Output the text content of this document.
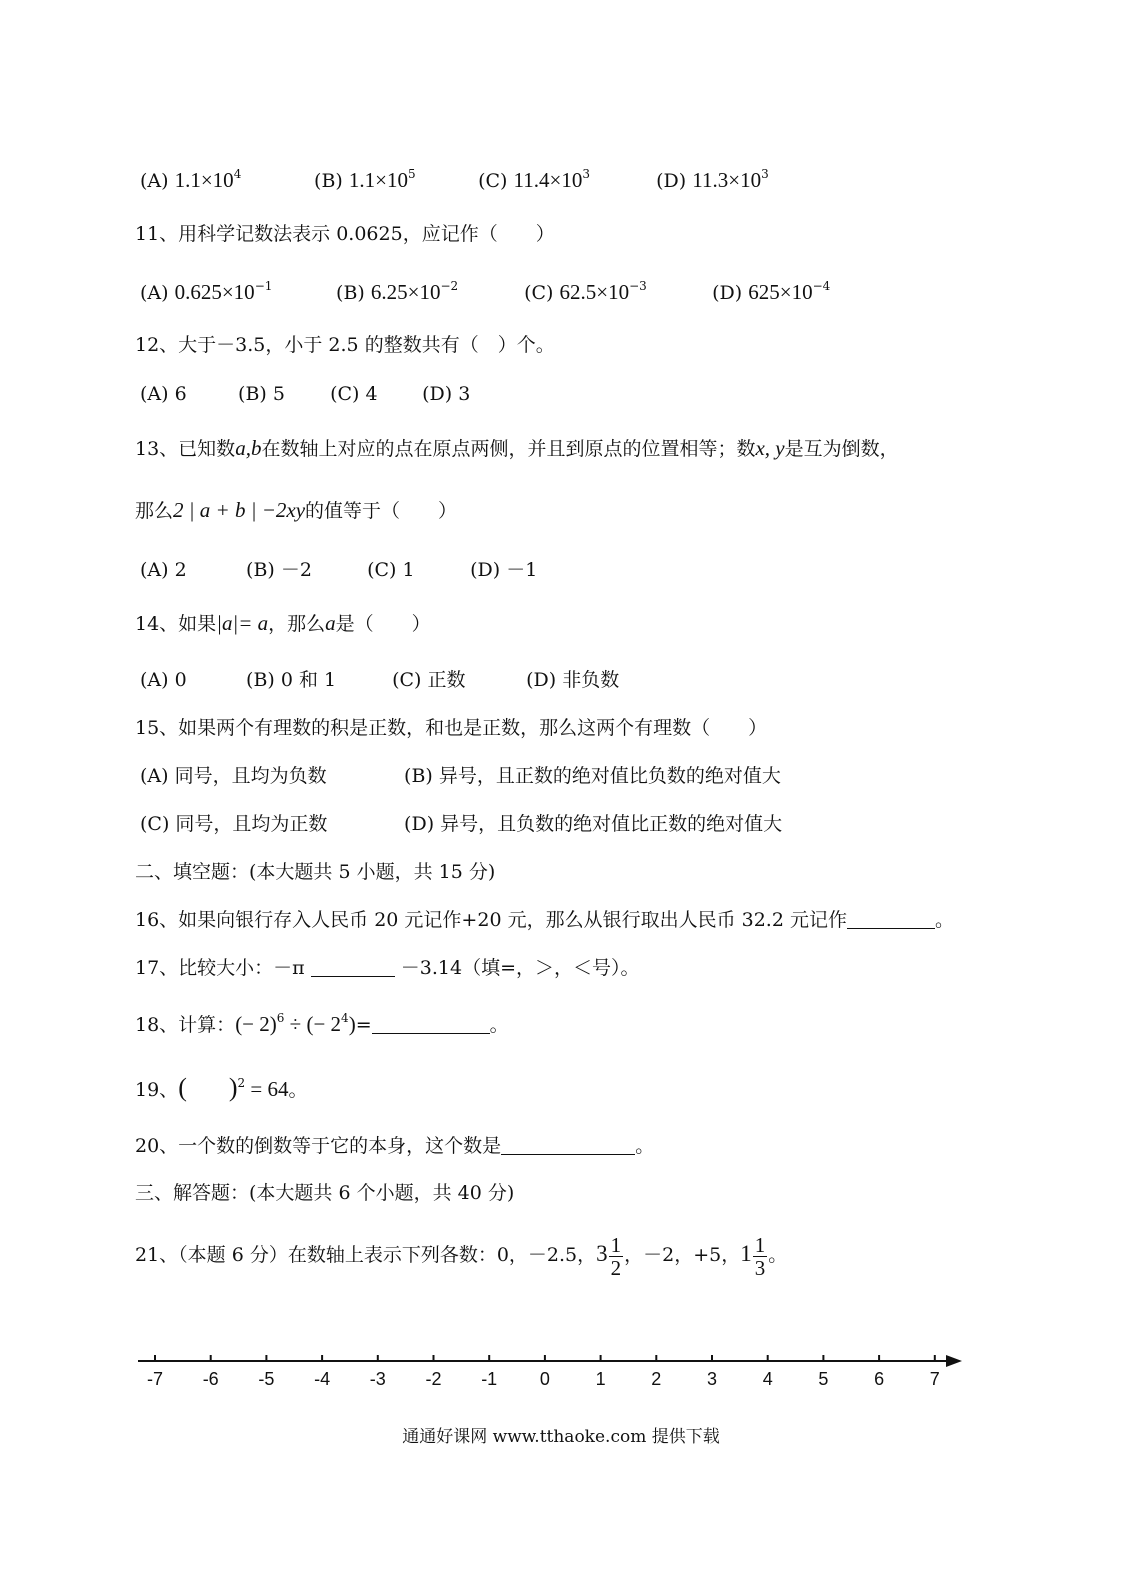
(A) $1.1\times 10^4$	(B) $1.1\times 10^5$	(C) $11.4\times 10^3$	(D) $11.3\times 10^3$
11、用科学记数法表示 0.0625，应记作（　　）
(A) $0.625\times 10^{-1}$	(B) $6.25\times 10^{-2}$	(C) $62.5\times 10^{-3}$	(D) $625\times 10^{-4}$
12、大于－3.5，小于 2.5 的整数共有（　）个。
(A) 6	(B) 5 (C) 4 (D) 3
13、已知数a,b在数轴上对应的点在原点两侧，并且到原点的位置相等；数x, y是互为倒数，
那么2 | a + b | −2xy的值等于（　　）
(A) 2	(B) －2	(C) 1	(D) －1
14、如果|a|= a，那么a是（　　）
(A) 0	(B) 0 和 1	(C) 正数	(D) 非负数
15、如果两个有理数的积是正数，和也是正数，那么这两个有理数（　　）
(A) 同号，且均为负数	(B) 异号，且正数的绝对值比负数的绝对值大
(C) 同号，且均为正数	(D) 异号，且负数的绝对值比正数的绝对值大
二、填空题：(本大题共 5 小题，共 15 分)
16、如果向银行存入人民币 20 元记作+20 元，那么从银行取出人民币 32.2 元记作	。
17、比较大小：－π	－3.14（填=，＞，＜号）。
18、计算：(− 2)$^6$ ÷ (− $2^4)=$	。
19、( )$^2$ = 64。
20、一个数的倒数等于它的本身，这个数是	。
三、解答题：(本大题共 6 个小题，共 40 分)
21、（本题 6 分）在数轴上表示下列各数：0，－2.5，$3 \frac{1}{2}$ ，－2，+5，$1 \frac{1}{3}$ 。
-7 -6 -5 -4 -3 -2 -1 0	1	2	3	4	5	6	7
通通好课网 www.tthaoke.com 提供下载
